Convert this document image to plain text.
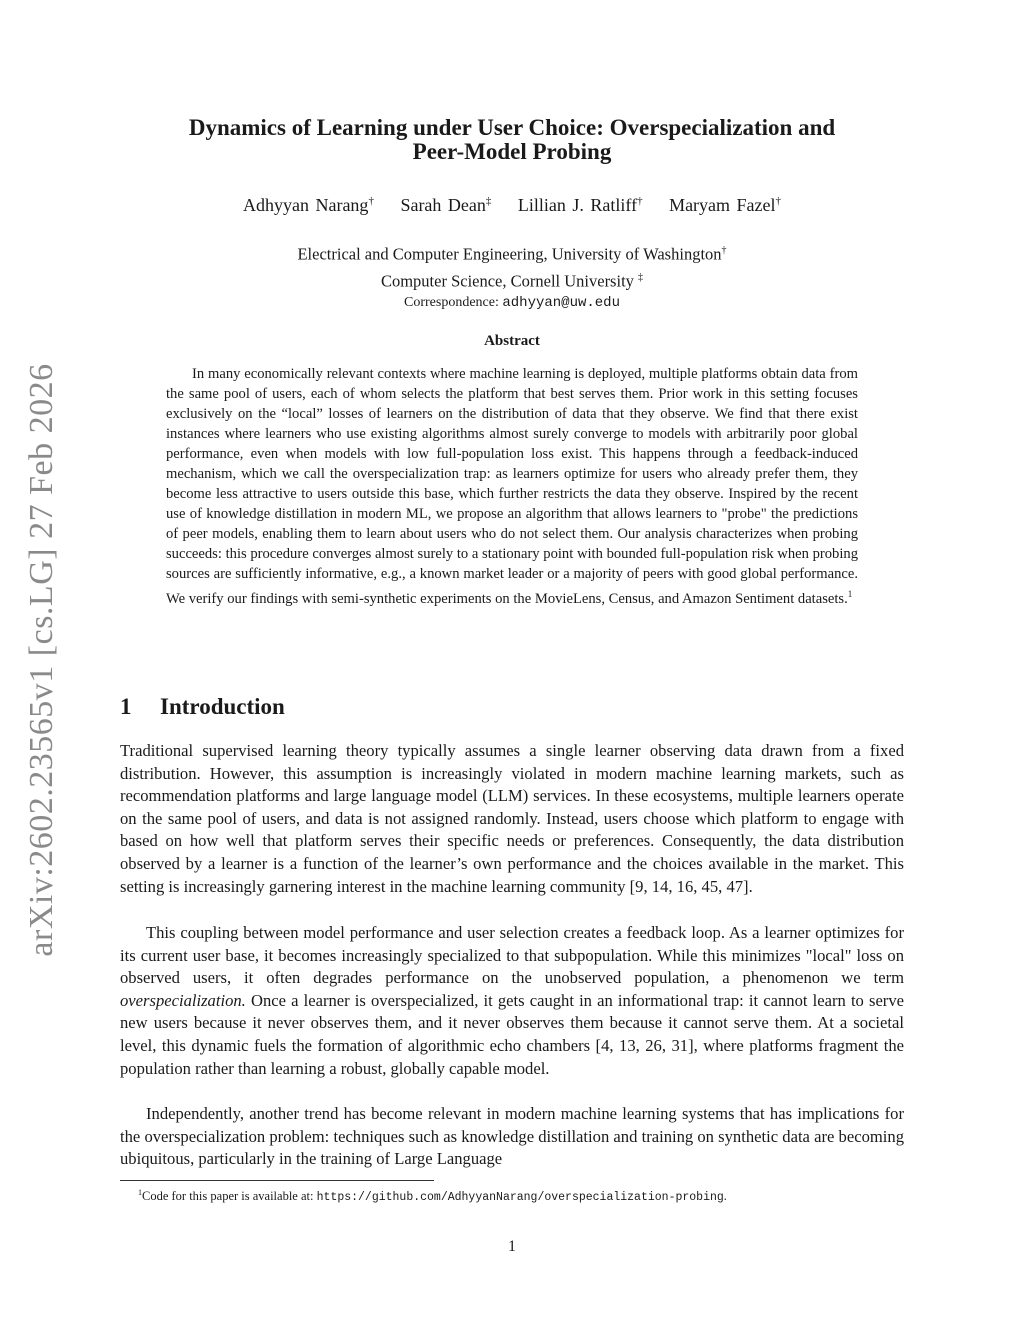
arXiv:2602.23565v1 [cs.LG] 27 Feb 2026
Dynamics of Learning under User Choice: Overspecialization and
Peer-Model Probing
Adhyyan Narang† Sarah Dean‡ Lillian J. Ratliff† Maryam Fazel†
Electrical and Computer Engineering, University of Washington†
Computer Science, Cornell University ‡
Correspondence: adhyyan@uw.edu
Abstract

In many economically relevant contexts where machine learning is deployed, multiple platforms obtain data from the same pool of users, each of whom selects the platform that best serves them. Prior work in this setting focuses exclusively on the “local” losses of learners on the distribution of data that they observe. We find that there exist instances where learners who use existing algorithms almost surely converge to models with arbitrarily poor global performance, even when models with low full-population loss exist. This happens through a feedback-induced mechanism, which we call the overspecialization trap: as learners optimize for users who already prefer them, they become less attractive to users outside this base, which further restricts the data they observe. Inspired by the recent use of knowledge distillation in modern ML, we propose an algorithm that allows learners to "probe" the predictions of peer models, enabling them to learn about users who do not select them. Our analysis characterizes when probing succeeds: this procedure converges almost surely to a stationary point with bounded full-population risk when probing sources are sufficiently informative, e.g., a known market leader or a majority of peers with good global performance. We verify our findings with semi-synthetic experiments on the MovieLens, Census, and Amazon Sentiment datasets.$^1$

1 Introduction

Traditional supervised learning theory typically assumes a single learner observing data drawn from a fixed distribution. However, this assumption is increasingly violated in modern machine learning markets, such as recommendation platforms and large language model (LLM) services. In these ecosystems, multiple learners operate on the same pool of users, and data is not assigned randomly. Instead, users choose which platform to engage with based on how well that platform serves their specific needs or preferences. Consequently, the data distribution observed by a learner is a function of the learner’s own performance and the choices available in the market. This setting is increasingly garnering interest in the machine learning community [9, 14, 16, 45, 47].

This coupling between model performance and user selection creates a feedback loop. As a learner optimizes for its current user base, it becomes increasingly specialized to that subpopulation. While this minimizes "local" loss on observed users, it often degrades performance on the unobserved population, a phenomenon we term overspecialization. Once a learner is overspecialized, it gets caught in an informational trap: it cannot learn to serve new users because it never observes them, and it never observes them because it cannot serve them. At a societal level, this dynamic fuels the formation of algorithmic echo chambers [4, 13, 26, 31], where platforms fragment the population rather than learning a robust, globally capable model.

Independently, another trend has become relevant in modern machine learning systems that has implications for the overspecialization problem: techniques such as knowledge distillation and training on synthetic data are becoming ubiquitous, particularly in the training of Large Language

$^1$Code for this paper is available at: https://github.com/AdhyyanNarang/overspecialization-probing.
1
